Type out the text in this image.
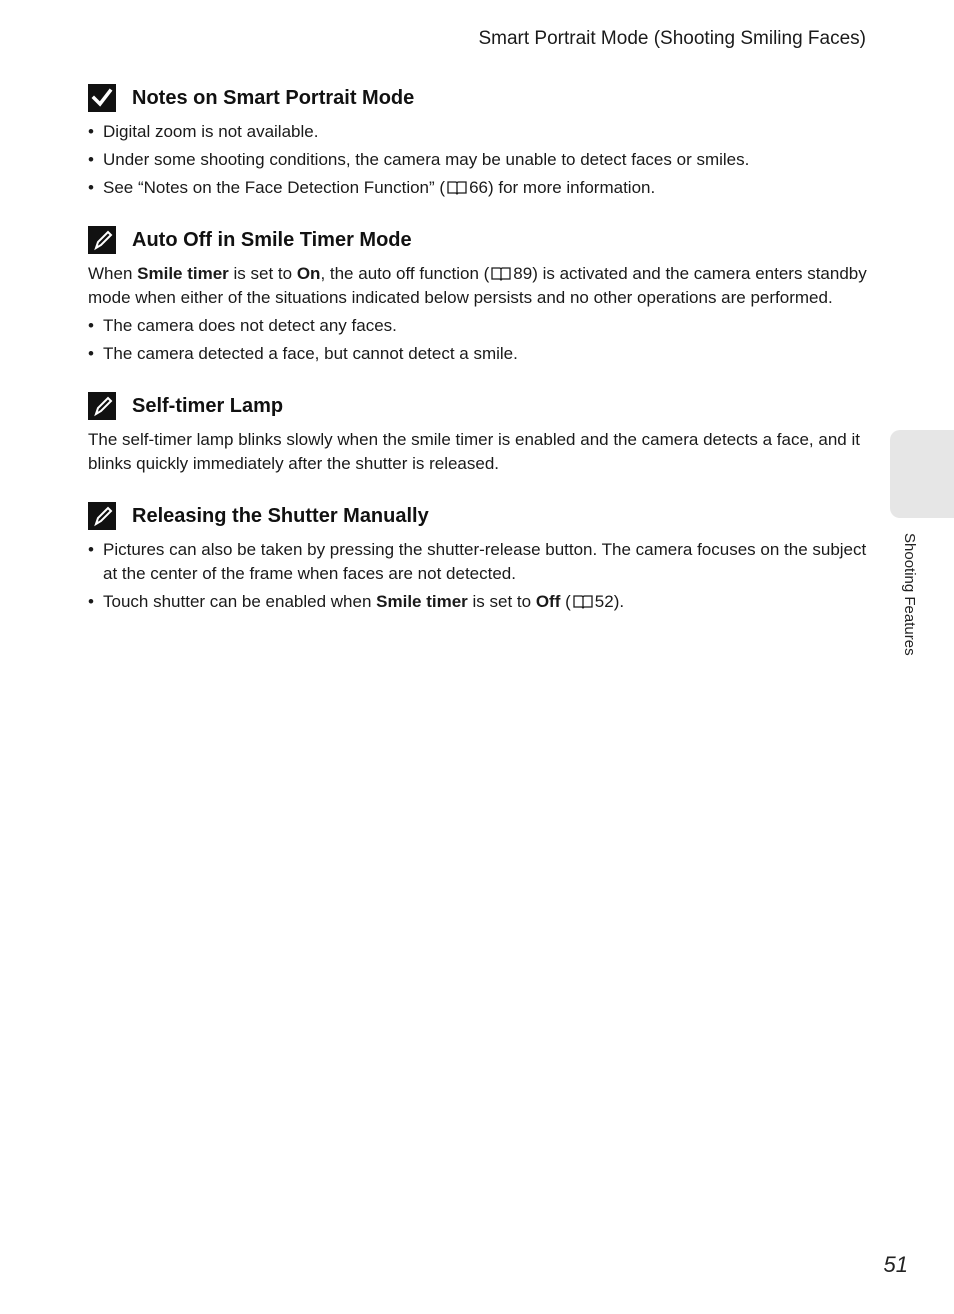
Smart Portrait Mode (Shooting Smiling Faces)
Notes on Smart Portrait Mode
• Digital zoom is not available.
• Under some shooting conditions, the camera may be unable to detect faces or smiles.
• See “Notes on the Face Detection Function” ( 66) for more information.
Auto Off in Smile Timer Mode

When Smile timer is set to On, the auto off function ( 89) is activated and the camera enters standby mode when either of the situations indicated below persists and no other operations are performed.

• The camera does not detect any faces.
• The camera detected a face, but cannot detect a smile.
Self-timer Lamp

The self-timer lamp blinks slowly when the smile timer is enabled and the camera detects a face, and it blinks quickly immediately after the shutter is released.

Releasing the Shutter Manually
• Pictures can also be taken by pressing the shutter-release button. The camera focuses on the subject at the center of the frame when faces are not detected.
• Touch shutter can be enabled when Smile timer is set to Off ( 52).	Shooting Features
51
